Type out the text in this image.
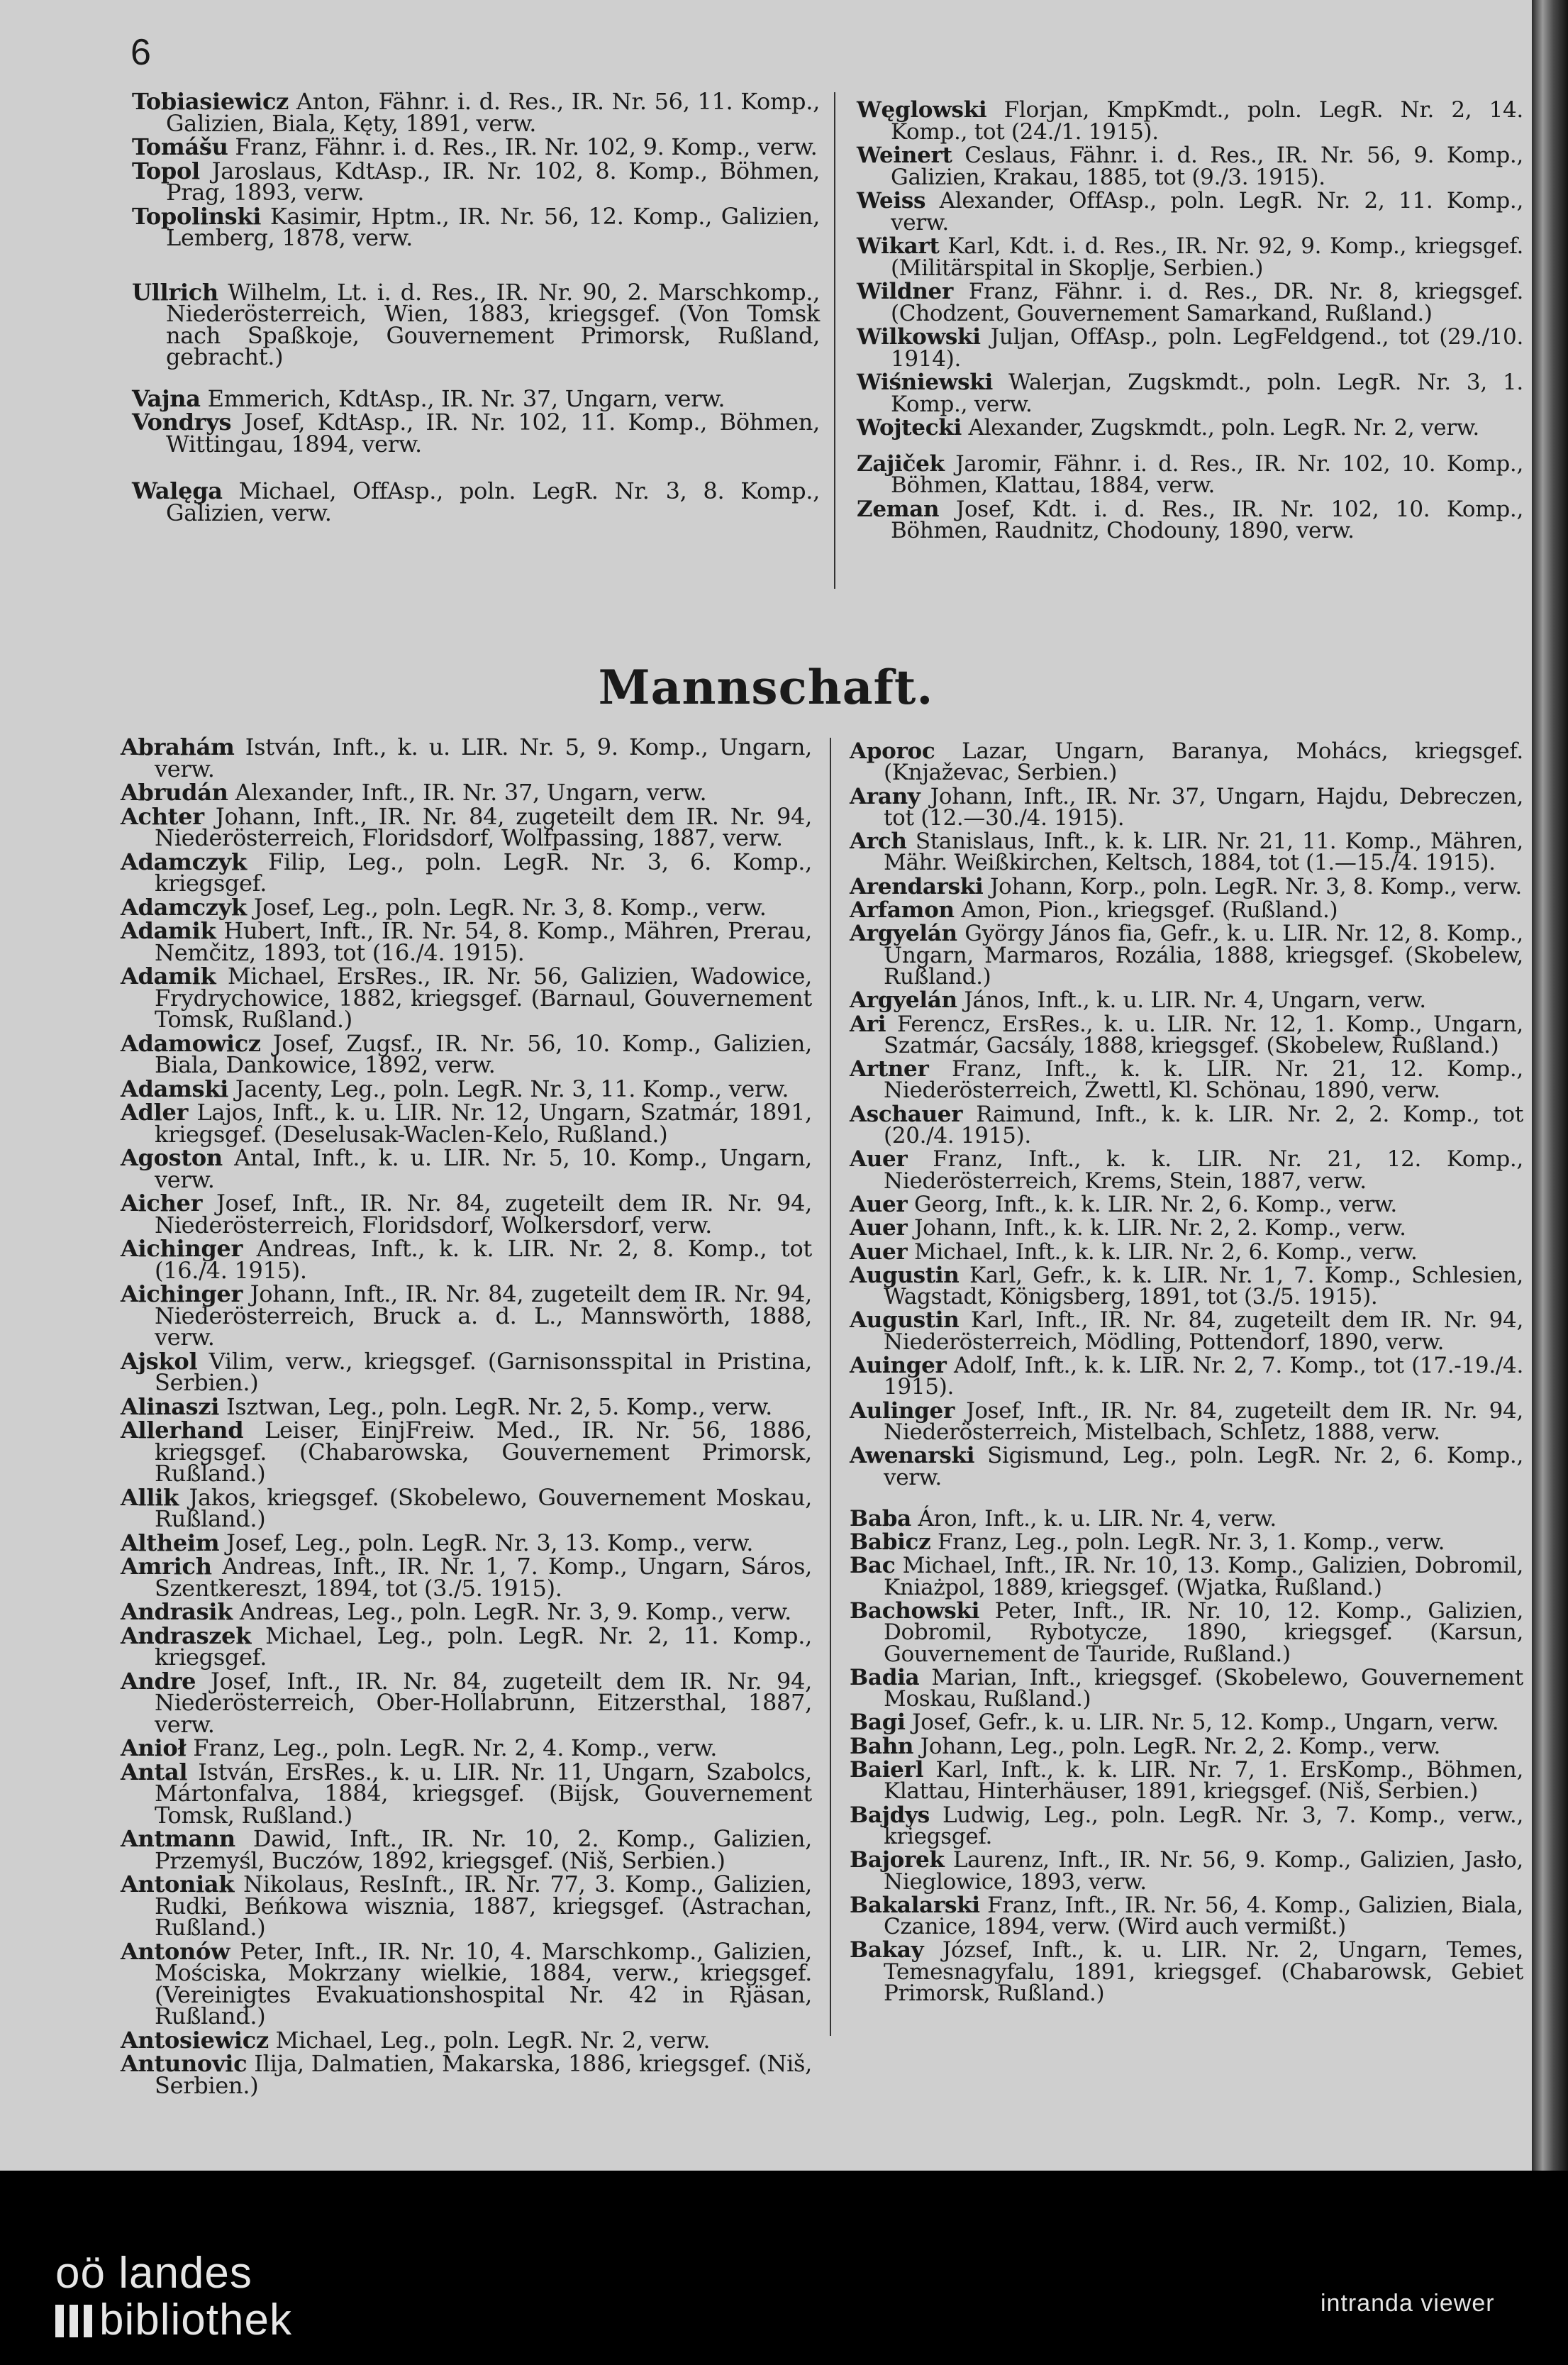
6
Tobiasiewicz Anton, Fähnr. i. d. Res., IR. Nr. 56, 11. Komp., Galizien, Biala, Kęty, 1891, verw.
Tomášu Franz, Fähnr. i. d. Res., IR. Nr. 102, 9. Komp., verw.
Topol Jaroslaus, KdtAsp., IR. Nr. 102, 8. Komp., Böhmen, Prag, 1893, verw.
Topolinski Kasimir, Hptm., IR. Nr. 56, 12. Komp., Galizien, Lemberg, 1878, verw.
Ullrich Wilhelm, Lt. i. d. Res., IR. Nr. 90, 2. Marschkomp., Niederösterreich, Wien, 1883, kriegsgef. (Von Tomsk nach Spaßkoje, Gouvernement Primorsk, Rußland, gebracht.)
Vajna Emmerich, KdtAsp., IR. Nr. 37, Ungarn, verw.
Vondrys Josef, KdtAsp., IR. Nr. 102, 11. Komp., Böhmen, Wittingau, 1894, verw.
Walęga Michael, OffAsp., poln. LegR. Nr. 3, 8. Komp., Galizien, verw.
Węglowski Florjan, KmpKmdt., poln. LegR. Nr. 2, 14. Komp., tot (24./1. 1915).
Weinert Ceslaus, Fähnr. i. d. Res., IR. Nr. 56, 9. Komp., Galizien, Krakau, 1885, tot (9./3. 1915).
Weiss Alexander, OffAsp., poln. LegR. Nr. 2, 11. Komp., verw.
Wikart Karl, Kdt. i. d. Res., IR. Nr. 92, 9. Komp., kriegsgef. (Militärspital in Skoplje, Serbien.)
Wildner Franz, Fähnr. i. d. Res., DR. Nr. 8, kriegsgef. (Chodzent, Gouvernement Samarkand, Rußland.)
Wilkowski Juljan, OffAsp., poln. LegFeldgend., tot (29./10. 1914).
Wiśniewski Walerjan, Zugskmdt., poln. LegR. Nr. 3, 1. Komp., verw.
Wojtecki Alexander, Zugskmdt., poln. LegR. Nr. 2, verw.
Zajiček Jaromir, Fähnr. i. d. Res., IR. Nr. 102, 10. Komp., Böhmen, Klattau, 1884, verw.
Zeman Josef, Kdt. i. d. Res., IR. Nr. 102, 10. Komp., Böhmen, Raudnitz, Chodouny, 1890, verw.
Mannschaft.
Abrahám István, Inft., k. u. LIR. Nr. 5, 9. Komp., Ungarn, verw.
Abrudán Alexander, Inft., IR. Nr. 37, Ungarn, verw.
Achter Johann, Inft., IR. Nr. 84, zugeteilt dem IR. Nr. 94, Niederösterreich, Floridsdorf, Wolfpassing, 1887, verw.
Adamczyk Filip, Leg., poln. LegR. Nr. 3, 6. Komp., kriegsgef.
Adamczyk Josef, Leg., poln. LegR. Nr. 3, 8. Komp., verw.
Adamik Hubert, Inft., IR. Nr. 54, 8. Komp., Mähren, Prerau, Nemčitz, 1893, tot (16./4. 1915).
Adamik Michael, ErsRes., IR. Nr. 56, Galizien, Wadowice, Frydrychowice, 1882, kriegsgef. (Barnaul, Gouvernement Tomsk, Rußland.)
Adamowicz Josef, Zugsf., IR. Nr. 56, 10. Komp., Galizien, Biala, Dankowice, 1892, verw.
Adamski Jacenty, Leg., poln. LegR. Nr. 3, 11. Komp., verw.
Adler Lajos, Inft., k. u. LIR. Nr. 12, Ungarn, Szatmár, 1891, kriegsgef. (Deselusak-Waclen-Kelo, Rußland.)
Agoston Antal, Inft., k. u. LIR. Nr. 5, 10. Komp., Ungarn, verw.
Aicher Josef, Inft., IR. Nr. 84, zugeteilt dem IR. Nr. 94, Niederösterreich, Floridsdorf, Wolkersdorf, verw.
Aichinger Andreas, Inft., k. k. LIR. Nr. 2, 8. Komp., tot (16./4. 1915).
Aichinger Johann, Inft., IR. Nr. 84, zugeteilt dem IR. Nr. 94, Niederösterreich, Bruck a. d. L., Mannswörth, 1888, verw.
Ajskol Vilim, verw., kriegsgef. (Garnisonsspital in Pristina, Serbien.)
Alinaszi Isztwan, Leg., poln. LegR. Nr. 2, 5. Komp., verw.
Allerhand Leiser, EinjFreiw. Med., IR. Nr. 56, 1886, kriegsgef. (Chabarowska, Gouvernement Primorsk, Rußland.)
Allik Jakos, kriegsgef. (Skobelewo, Gouvernement Moskau, Rußland.)
Altheim Josef, Leg., poln. LegR. Nr. 3, 13. Komp., verw.
Amrich Andreas, Inft., IR. Nr. 1, 7. Komp., Ungarn, Sáros, Szentkereszt, 1894, tot (3./5. 1915).
Andrasik Andreas, Leg., poln. LegR. Nr. 3, 9. Komp., verw.
Andraszek Michael, Leg., poln. LegR. Nr. 2, 11. Komp., kriegsgef.
Andre Josef, Inft., IR. Nr. 84, zugeteilt dem IR. Nr. 94, Niederösterreich, Ober-Hollabrunn, Eitzersthal, 1887, verw.
Anioł Franz, Leg., poln. LegR. Nr. 2, 4. Komp., verw.
Antal István, ErsRes., k. u. LIR. Nr. 11, Ungarn, Szabolcs, Mártonfalva, 1884, kriegsgef. (Bijsk, Gouvernement Tomsk, Rußland.)
Antmann Dawid, Inft., IR. Nr. 10, 2. Komp., Galizien, Przemyśl, Buczów, 1892, kriegsgef. (Niš, Serbien.)
Antoniak Nikolaus, ResInft., IR. Nr. 77, 3. Komp., Galizien, Rudki, Beńkowa wisznia, 1887, kriegsgef. (Astrachan, Rußland.)
Antonów Peter, Inft., IR. Nr. 10, 4. Marschkomp., Galizien, Mościska, Mokrzany wielkie, 1884, verw., kriegsgef. (Vereinigtes Evakuationshospital Nr. 42 in Rjäsan, Rußland.)
Antosiewicz Michael, Leg., poln. LegR. Nr. 2, verw.
Antunovic Ilija, Dalmatien, Makarska, 1886, kriegsgef. (Niš, Serbien.)
Aporoc Lazar, Ungarn, Baranya, Mohács, kriegsgef. (Knjaževac, Serbien.)
Arany Johann, Inft., IR. Nr. 37, Ungarn, Hajdu, Debreczen, tot (12.—30./4. 1915).
Arch Stanislaus, Inft., k. k. LIR. Nr. 21, 11. Komp., Mähren, Mähr. Weißkirchen, Keltsch, 1884, tot (1.—15./4. 1915).
Arendarski Johann, Korp., poln. LegR. Nr. 3, 8. Komp., verw.
Arfamon Amon, Pion., kriegsgef. (Rußland.)
Argyelán György János fia, Gefr., k. u. LIR. Nr. 12, 8. Komp., Ungarn, Marmaros, Rozália, 1888, kriegsgef. (Skobelew, Rußland.)
Argyelán János, Inft., k. u. LIR. Nr. 4, Ungarn, verw.
Ari Ferencz, ErsRes., k. u. LIR. Nr. 12, 1. Komp., Ungarn, Szatmár, Gacsály, 1888, kriegsgef. (Skobelew, Rußland.)
Artner Franz, Inft., k. k. LIR. Nr. 21, 12. Komp., Niederösterreich, Zwettl, Kl. Schönau, 1890, verw.
Aschauer Raimund, Inft., k. k. LIR. Nr. 2, 2. Komp., tot (20./4. 1915).
Auer Franz, Inft., k. k. LIR. Nr. 21, 12. Komp., Niederösterreich, Krems, Stein, 1887, verw.
Auer Georg, Inft., k. k. LIR. Nr. 2, 6. Komp., verw.
Auer Johann, Inft., k. k. LIR. Nr. 2, 2. Komp., verw.
Auer Michael, Inft., k. k. LIR. Nr. 2, 6. Komp., verw.
Augustin Karl, Gefr., k. k. LIR. Nr. 1, 7. Komp., Schlesien, Wagstadt, Königsberg, 1891, tot (3./5. 1915).
Augustin Karl, Inft., IR. Nr. 84, zugeteilt dem IR. Nr. 94, Niederösterreich, Mödling, Pottendorf, 1890, verw.
Auinger Adolf, Inft., k. k. LIR. Nr. 2, 7. Komp., tot (17.-19./4. 1915).
Aulinger Josef, Inft., IR. Nr. 84, zugeteilt dem IR. Nr. 94, Niederösterreich, Mistelbach, Schletz, 1888, verw.
Awenarski Sigismund, Leg., poln. LegR. Nr. 2, 6. Komp., verw.
Baba Áron, Inft., k. u. LIR. Nr. 4, verw.
Babicz Franz, Leg., poln. LegR. Nr. 3, 1. Komp., verw.
Bac Michael, Inft., IR. Nr. 10, 13. Komp., Galizien, Dobromil, Kniażpol, 1889, kriegsgef. (Wjatka, Rußland.)
Bachowski Peter, Inft., IR. Nr. 10, 12. Komp., Galizien, Dobromil, Rybotycze, 1890, kriegsgef. (Karsun, Gouvernement de Tauride, Rußland.)
Badia Marian, Inft., kriegsgef. (Skobelewo, Gouvernement Moskau, Rußland.)
Bagi Josef, Gefr., k. u. LIR. Nr. 5, 12. Komp., Ungarn, verw.
Bahn Johann, Leg., poln. LegR. Nr. 2, 2. Komp., verw.
Baierl Karl, Inft., k. k. LIR. Nr. 7, 1. ErsKomp., Böhmen, Klattau, Hinterhäuser, 1891, kriegsgef. (Niš, Serbien.)
Bajdys Ludwig, Leg., poln. LegR. Nr. 3, 7. Komp., verw., kriegsgef.
Bajorek Laurenz, Inft., IR. Nr. 56, 9. Komp., Galizien, Jasło, Nieglowice, 1893, verw.
Bakalarski Franz, Inft., IR. Nr. 56, 4. Komp., Galizien, Biala, Czanice, 1894, verw. (Wird auch vermißt.)
Bakay József, Inft., k. u. LIR. Nr. 2, Ungarn, Temes, Temesnagyfalu, 1891, kriegsgef. (Chabarowsk, Gebiet Primorsk, Rußland.)
oö landes
bibliothek	intranda viewer
